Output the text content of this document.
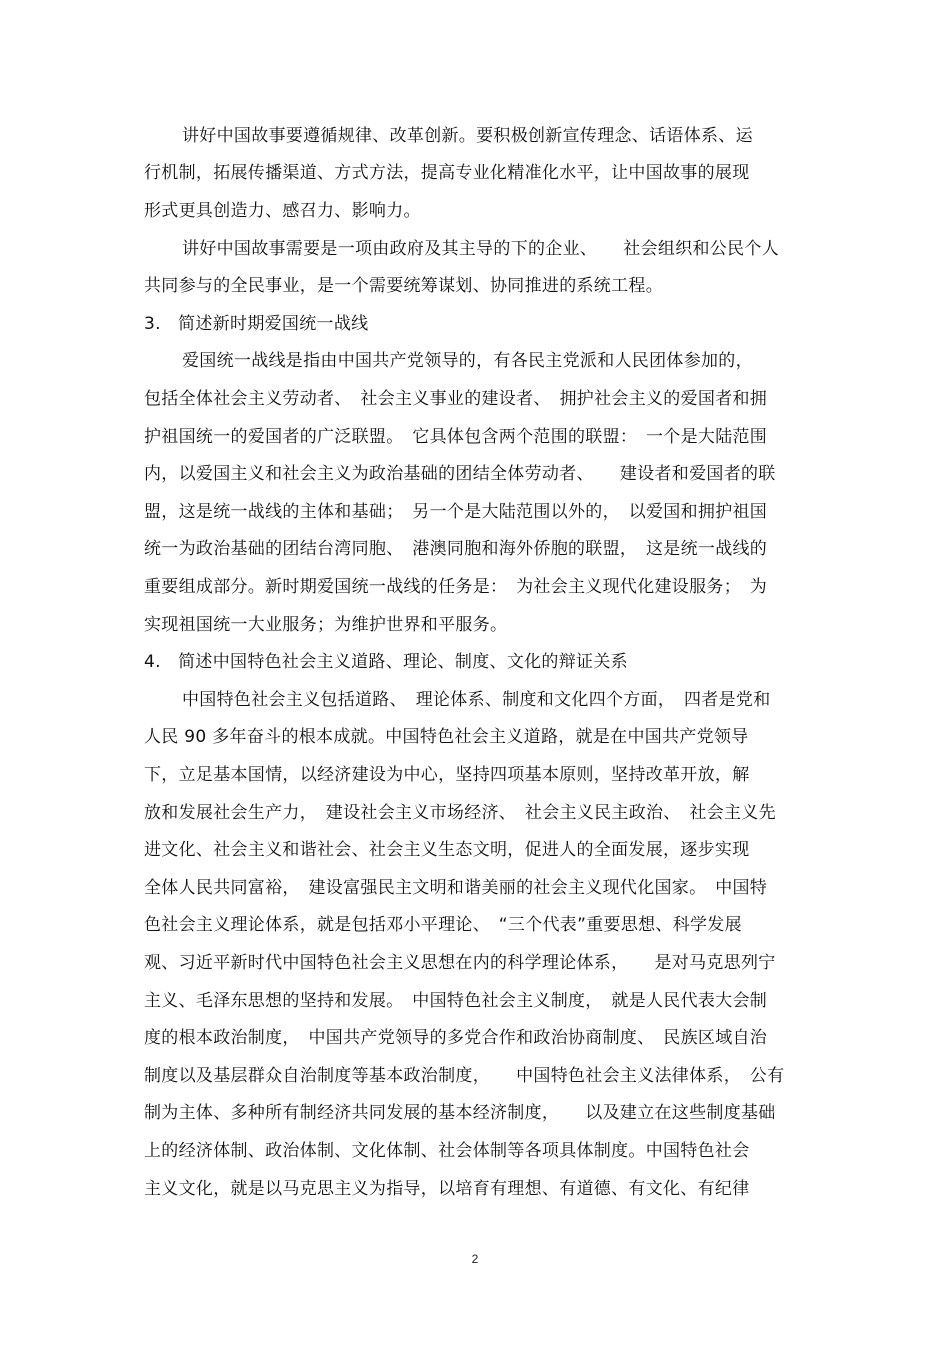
讲好中国故事要遵循规律、改革创新。要积极创新宣传理念、话语体系、运
行机制，拓展传播渠道、方式方法，提高专业化精准化水平，让中国故事的展现
形式更具创造力、感召力、影响力。
讲好中国故事需要是一项由政府及其主导的下的企业、　　社会组织和公民个人
共同参与的全民事业，是一个需要统筹谋划、协同推进的系统工程。
3.　简述新时期爱国统一战线
爱国统一战线是指由中国共产党领导的，有各民主党派和人民团体参加的，
包括全体社会主义劳动者、　社会主义事业的建设者、　拥护社会主义的爱国者和拥
护祖国统一的爱国者的广泛联盟。　它具体包含两个范围的联盟：　一个是大陆范围
内，以爱国主义和社会主义为政治基础的团结全体劳动者、　　建设者和爱国者的联
盟，这是统一战线的主体和基础；　另一个是大陆范围以外的，　以爱国和拥护祖国
统一为政治基础的团结台湾同胞、　港澳同胞和海外侨胞的联盟，　这是统一战线的
重要组成部分。新时期爱国统一战线的任务是：　为社会主义现代化建设服务；　为
实现祖国统一大业服务；为维护世界和平服务。
4.　简述中国特色社会主义道路、理论、制度、文化的辩证关系
中国特色社会主义包括道路、　理论体系、制度和文化四个方面，　四者是党和
人民 90 多年奋斗的根本成就。中国特色社会主义道路，就是在中国共产党领导
下，立足基本国情，以经济建设为中心，坚持四项基本原则，坚持改革开放，解
放和发展社会生产力，　建设社会主义市场经济、　社会主义民主政治、　社会主义先
进文化、社会主义和谐社会、社会主义生态文明，促进人的全面发展，逐步实现
全体人民共同富裕，　建设富强民主文明和谐美丽的社会主义现代化国家。　中国特
色社会主义理论体系，就是包括邓小平理论、　“三个代表”重要思想、科学发展
观、习近平新时代中国特色社会主义思想在内的科学理论体系，　　是对马克思列宁
主义、毛泽东思想的坚持和发展。　中国特色社会主义制度，　就是人民代表大会制
度的根本政治制度，　中国共产党领导的多党合作和政治协商制度、　民族区域自治
制度以及基层群众自治制度等基本政治制度，　　中国特色社会主义法律体系，　公有
制为主体、多种所有制经济共同发展的基本经济制度，　　以及建立在这些制度基础
上的经济体制、政治体制、文化体制、社会体制等各项具体制度。中国特色社会
主义文化，就是以马克思主义为指导，以培育有理想、有道德、有文化、有纪律
2
